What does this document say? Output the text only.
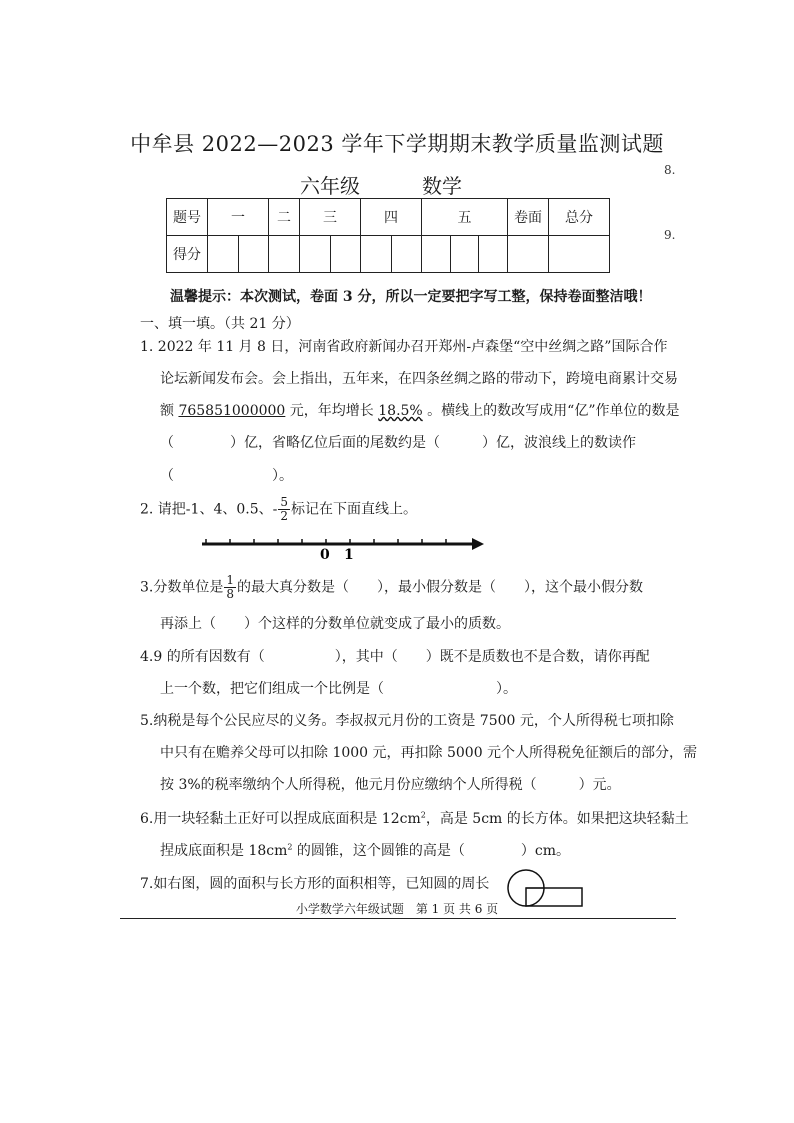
中牟县 2022—2023 学年下学期期末教学质量监测试题
六年级	数学
8.
9.
题号	一		二	三		四		五			卷面	总分
得分												
温馨提示：本次测试，卷面 3 分，所以一定要把字写工整，保持卷面整洁哦！
一、填一填。（共 21 分）
1. 2022 年 11 月 8 日，河南省政府新闻办召开郑州-卢森堡“空中丝绸之路”国际合作
论坛新闻发布会。会上指出，五年来，在四条丝绸之路的带动下，跨境电商累计交易
额 765851000000 元，年均增长 18.5% 。横线上的数改写成用“亿”作单位的数是
（　　　　）亿，省略亿位后面的尾数约是（　　　）亿，波浪线上的数读作
（　　　　　　　）。
2. 请把-1、4、0.5、- $\frac{5}{2}$ 标记在下面直线上。
0 1
3.分数单位是 $\frac{1}{8}$ 的最大真分数是（　　），最小假分数是（　　），这个最小假分数
再添上（　　）个这样的分数单位就变成了最小的质数。
4.9 的所有因数有（　　　　　），其中（　　）既不是质数也不是合数，请你再配
上一个数，把它们组成一个比例是（　　　　　　　　）。
5.纳税是每个公民应尽的义务。李叔叔元月份的工资是 7500 元，个人所得税七项扣除
中只有在赡养父母可以扣除 1000 元，再扣除 5000 元个人所得税免征额后的部分，需
按 3%的税率缴纳个人所得税，他元月份应缴纳个人所得税（　　　）元。
6.用一块轻黏土正好可以捏成底面积是 $12cm^2$，高是 5cm 的长方体。如果把这块轻黏土
捏成底面积是 $18cm^2$ 的圆锥，这个圆锥的高是（　　　　）cm。
7.如右图，圆的面积与长方形的面积相等，已知圆的周长
小学数学六年级试题　第 1 页 共 6 页
